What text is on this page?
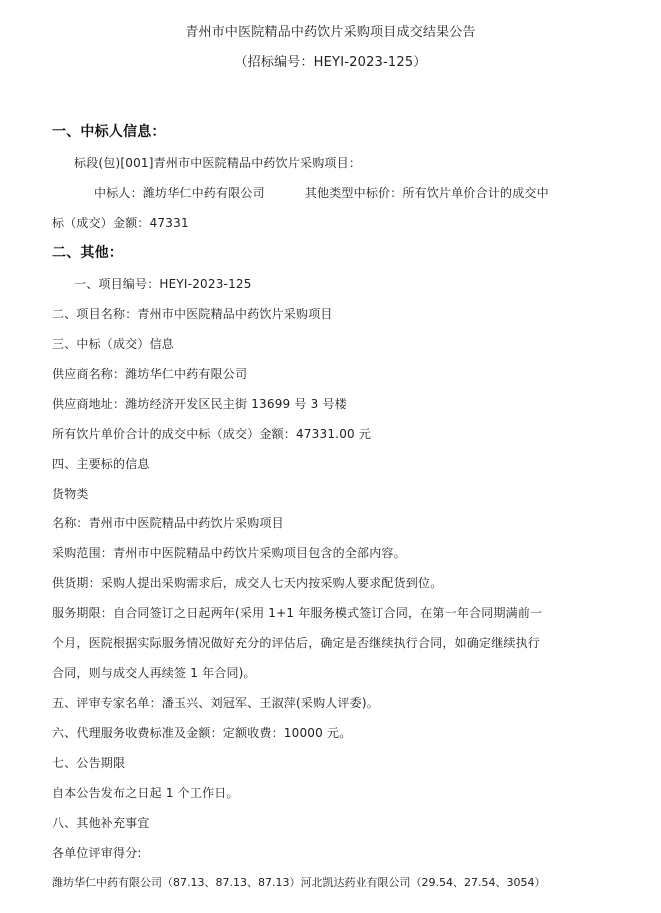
青州市中医院精品中药饮片采购项目成交结果公告
（招标编号：HEYI-2023-125）
一、中标人信息：
标段(包)[001]青州市中医院精品中药饮片采购项目：
中标人：潍坊华仁中药有限公司	其他类型中标价：所有饮片单价合计的成交中
标（成交）金额：47331
二、其他：
一、项目编号：HEYI-2023-125
二、项目名称：青州市中医院精品中药饮片采购项目
三、中标（成交）信息
供应商名称：潍坊华仁中药有限公司
供应商地址：潍坊经济开发区民主街 13699 号 3 号楼
所有饮片单价合计的成交中标（成交）金额：47331.00 元
四、主要标的信息
货物类
名称：青州市中医院精品中药饮片采购项目
采购范围：青州市中医院精品中药饮片采购项目包含的全部内容。
供货期：采购人提出采购需求后，成交人七天内按采购人要求配货到位。
服务期限：自合同签订之日起两年(采用 1+1 年服务模式签订合同，在第一年合同期满前一
个月，医院根据实际服务情况做好充分的评估后，确定是否继续执行合同，如确定继续执行
合同，则与成交人再续签 1 年合同)。
五、评审专家名单：潘玉兴、刘冠军、王淑萍(采购人评委)。
六、代理服务收费标准及金额：定额收费：10000 元。
七、公告期限
自本公告发布之日起 1 个工作日。
八、其他补充事宜
各单位评审得分:
潍坊华仁中药有限公司（87.13、87.13、87.13）河北凯达药业有限公司（29.54、27.54、3054）
